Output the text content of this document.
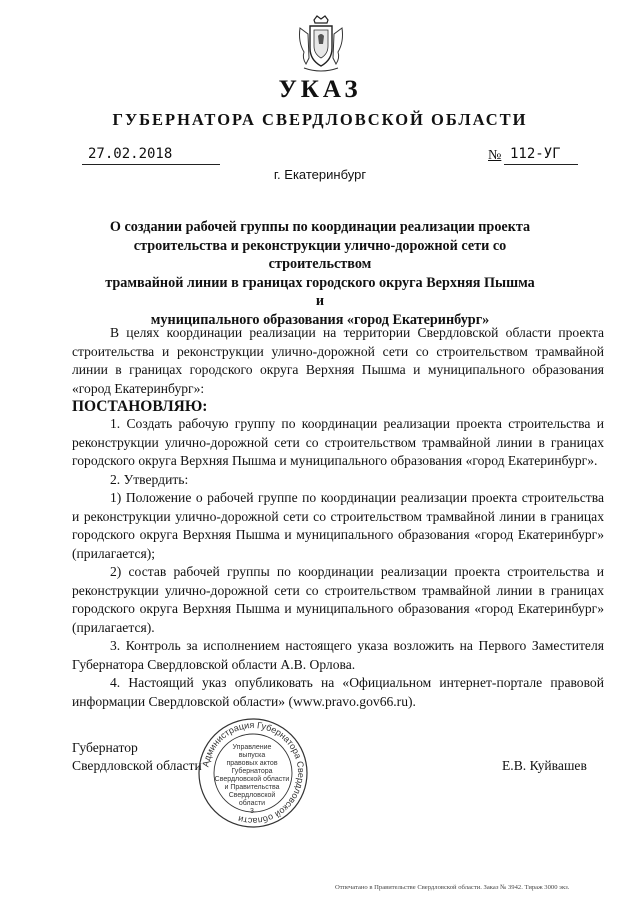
УКАЗ
ГУБЕРНАТОРА СВЕРДЛОВСКОЙ ОБЛАСТИ
27.02.2018	№ 112-УГ
г. Екатеринбург
О создании рабочей группы по координации реализации проекта
строительства и реконструкции улично-дорожной сети со строительством
трамвайной линии в границах городского округа Верхняя Пышма и
муниципального образования «город Екатеринбург»

В целях координации реализации на территории Свердловской области проекта строительства и реконструкции улично-дорожной сети со строительством трамвайной линии в границах городского округа Верхняя Пышма и муниципального образования «город Екатеринбург»:

ПОСТАНОВЛЯЮ:

1. Создать рабочую группу по координации реализации проекта строительства и реконструкции улично-дорожной сети со строительством трамвайной линии в границах городского округа Верхняя Пышма и муниципального образования «город Екатеринбург».

2. Утвердить:

1) Положение о рабочей группе по координации реализации проекта строительства и реконструкции улично-дорожной сети со строительством трамвайной линии в границах городского округа Верхняя Пышма и муниципального образования «город Екатеринбург» (прилагается);

2) состав рабочей группы по координации реализации проекта строительства и реконструкции улично-дорожной сети со строительством трамвайной линии в границах городского округа Верхняя Пышма и муниципального образования «город Екатеринбург» (прилагается).

3. Контроль за исполнением настоящего указа возложить на Первого Заместителя Губернатора Свердловской области А.В. Орлова.

4. Настоящий указ опубликовать на «Официальном интернет-портале правовой информации Свердловской области» (www.pravo.gov66.ru).

Губернатор
Свердловской области	Е.В. Куйвашев
Администрация Губернатора Свердловской области
Управление
выпуска
правовых актов
Губернатора
Свердловской области
и Правительства
Свердловской
области
3
Отпечатано в Правительстве Свердловской области. Заказ № 3942. Тираж 3000 экз.
